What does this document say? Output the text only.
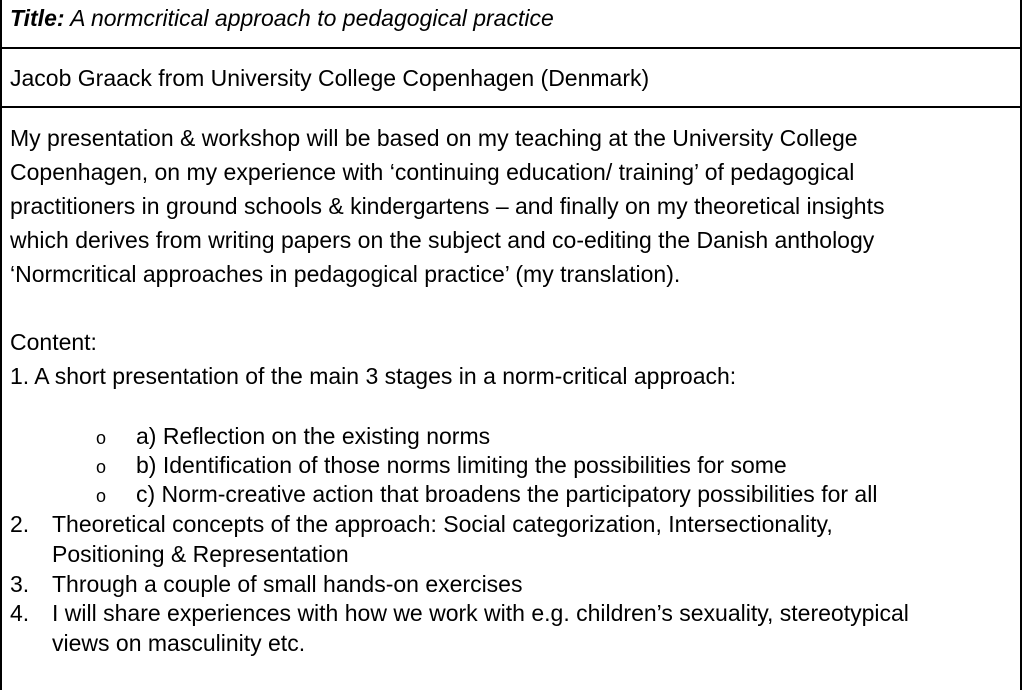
Title: A normcritical approach to pedagogical practice
Jacob Graack from University College Copenhagen (Denmark)
My presentation & workshop will be based on my teaching at the University College
Copenhagen, on my experience with ‘continuing education/ training’ of pedagogical
practitioners in ground schools & kindergartens – and finally on my theoretical insights
which derives from writing papers on the subject and co-editing the Danish anthology
‘Normcritical approaches in pedagogical practice’ (my translation).
Content:
1. A short presentation of the main 3 stages in a norm-critical approach:
o a) Reflection on the existing norms
o b) Identification of those norms limiting the possibilities for some
o c) Norm-creative action that broadens the participatory possibilities for all
2. Theoretical concepts of the approach: Social categorization, Intersectionality,
Positioning & Representation
3. Through a couple of small hands-on exercises
4. I will share experiences with how we work with e.g. children’s sexuality, stereotypical
views on masculinity etc.
